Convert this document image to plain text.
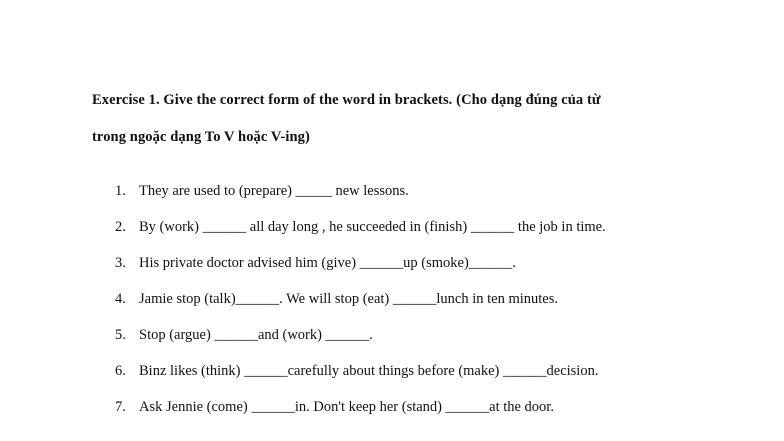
Exercise 1. Give the correct form of the word in brackets. (Cho dạng đúng của từ
trong ngoặc dạng To V hoặc V-ing)
1. They are used to (prepare) _____ new lessons.
2. By (work) ______ all day long , he succeeded in (finish) ______ the job in time.
3. His private doctor advised him (give) ______up (smoke)______.
4. Jamie stop (talk)______. We will stop (eat) ______lunch in ten minutes.
5. Stop (argue) ______and (work) ______.
6. Binz likes (think) ______carefully about things before (make) ______decision.
7. Ask Jennie (come) ______in. Don't keep her (stand) ______at the door.
